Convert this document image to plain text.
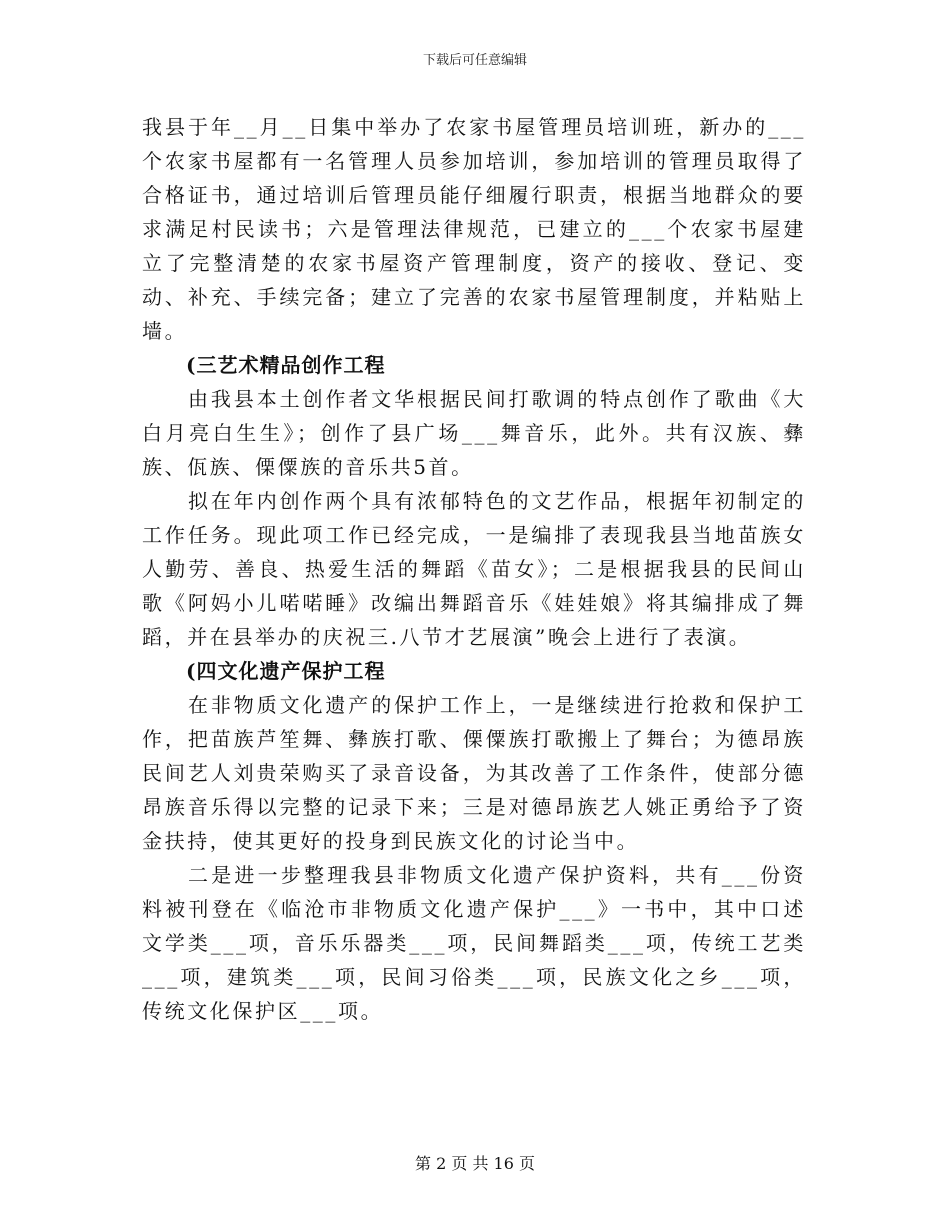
下载后可任意编辑

我县于年__月__日集中举办了农家书屋管理员培训班，新办的___个农家书屋都有一名管理人员参加培训，参加培训的管理员取得了合格证书，通过培训后管理员能仔细履行职责，根据当地群众的要求满足村民读书；六是管理法律规范，已建立的___个农家书屋建立了完整清楚的农家书屋资产管理制度，资产的接收、登记、变动、补充、手续完备；建立了完善的农家书屋管理制度，并粘贴上墙。

(三艺术精品创作工程

由我县本土创作者文华根据民间打歌调的特点创作了歌曲《大白月亮白生生》；创作了县广场___舞音乐，此外。共有汉族、彝族、佤族、傈僳族的音乐共5首。

拟在年内创作两个具有浓郁特色的文艺作品，根据年初制定的工作任务。现此项工作已经完成，一是编排了表现我县当地苗族女人勤劳、善良、热爱生活的舞蹈《苗女》；二是根据我县的民间山歌《阿妈小儿喏喏睡》改编出舞蹈音乐《娃娃娘》将其编排成了舞蹈，并在县举办的庆祝三.八节才艺展演”晚会上进行了表演。

(四文化遗产保护工程

在非物质文化遗产的保护工作上，一是继续进行抢救和保护工作，把苗族芦笙舞、彝族打歌、傈僳族打歌搬上了舞台；为德昂族民间艺人刘贵荣购买了录音设备，为其改善了工作条件，使部分德昂族音乐得以完整的记录下来；三是对德昂族艺人姚正勇给予了资金扶持，使其更好的投身到民族文化的讨论当中。

二是进一步整理我县非物质文化遗产保护资料，共有___份资料被刊登在《临沧市非物质文化遗产保护___》一书中，其中口述文学类___项，音乐乐器类___项，民间舞蹈类___项，传统工艺类___项，建筑类___项，民间习俗类___项，民族文化之乡___项，传统文化保护区___项。

第 2 页 共 16 页
